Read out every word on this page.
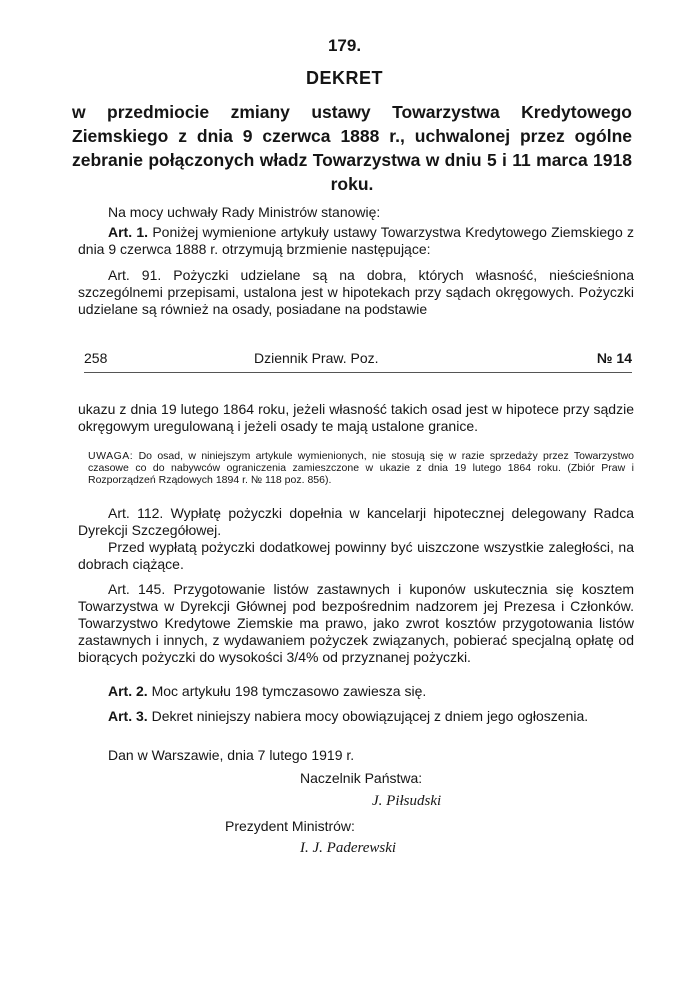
179.
DEKRET

w przedmiocie zmiany ustawy Towarzystwa Kredytowego Ziemskiego z dnia 9 czerwca 1888 r., uchwalonej przez ogólne zebranie połączonych władz Towarzystwa w dniu 5 i 11 marca 1918 roku.

Na mocy uchwały Rady Ministrów stanowię:

Art. 1. Poniżej wymienione artykuły ustawy Towarzystwa Kredytowego Ziemskiego z dnia 9 czerwca 1888 r. otrzymują brzmienie następujące:

Art. 91. Pożyczki udzielane są na dobra, których własność, nieścieśniona szczególnemi przepisami, ustalona jest w hipotekach przy sądach okręgowych. Pożyczki udzielane są również na osady, posiadane na podstawie

258	Dziennik Praw. Poz.	№ 14

ukazu z dnia 19 lutego 1864 roku, jeżeli własność takich osad jest w hipotece przy sądzie okręgowym uregulowaną i jeżeli osady te mają ustalone granice.

UWAGA: Do osad, w niniejszym artykule wymienionych, nie stosują się w razie sprzedaży przez Towarzystwo czasowe co do nabywców ograniczenia zamieszczone w ukazie z dnia 19 lutego 1864 roku. (Zbiór Praw i Rozporządzeń Rządowych 1894 r. № 118 poz. 856).

Art. 112. Wypłatę pożyczki dopełnia w kancelarji hipotecznej delegowany Radca Dyrekcji Szczegółowej.

Przed wypłatą pożyczki dodatkowej powinny być uiszczone wszystkie zaległości, na dobrach ciążące.

Art. 145. Przygotowanie listów zastawnych i kuponów uskutecznia się kosztem Towarzystwa w Dyrekcji Głównej pod bezpośrednim nadzorem jej Prezesa i Członków. Towarzystwo Kredytowe Ziemskie ma prawo, jako zwrot kosztów przygotowania listów zastawnych i innych, z wydawaniem pożyczek związanych, pobierać specjalną opłatę od biorących pożyczki do wysokości 3/4% od przyznanej pożyczki.

Art. 2. Moc artykułu 198 tymczasowo zawiesza się.

Art. 3. Dekret niniejszy nabiera mocy obowiązującej z dniem jego ogłoszenia.

Dan w Warszawie, dnia 7 lutego 1919 r.

Naczelnik Państwa:

J. Piłsudski

Prezydent Ministrów:

I. J. Paderewski
